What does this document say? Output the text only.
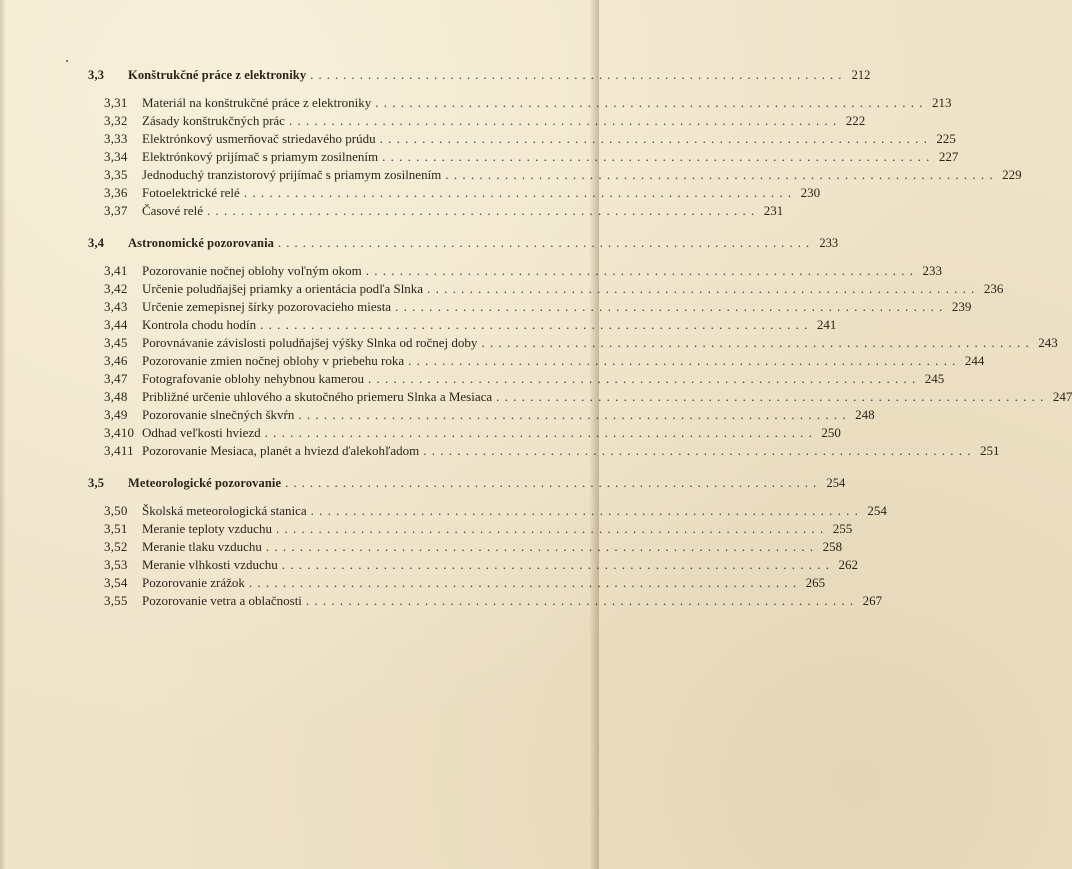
3,3	Konštrukčné práce z elektroniky . . .	212
3,31	Materiál na konštrukčné práce z elektroniky . . .	213
3,32	Zásady konštrukčných prác . . .	222
3,33	Elektrónkový usmerňovač striedavého prúdu . . .	225
3,34	Elektrónkový prijímač s priamym zosilnením . . .	227
3,35	Jednoduchý tranzistorový prijímač s priamym zosilnením . . .	229
3,36	Fotoelektrické relé . . .	230
3,37	Časové relé . . .	231
3,4	Astronomické pozorovania . . .	233
3,41	Pozorovanie nočnej oblohy voľným okom . . .	233
3,42	Určenie poludňajšej priamky a orientácia podľa Slnka . . .	236
3,43	Určenie zemepisnej šírky pozorovacieho miesta . . .	239
3,44	Kontrola chodu hodín . . .	241
3,45	Porovnávanie závislosti poludňajšej výšky Slnka od ročnej doby . . .	243
3,46	Pozorovanie zmien nočnej oblohy v priebehu roka . . .	244
3,47	Fotografovanie oblohy nehybnou kamerou . . .	245
3,48	Približné určenie uhlového a skutočného priemeru Slnka a Mesiaca . . .	247
3,49	Pozorovanie slnečných škvŕn . . .	248
3,410 Odhad veľkosti hviezd . . .	250
3,411 Pozorovanie Mesiaca, planét a hviezd ďalekohľadom . . .	251
3,5	Meteorologické pozorovanie . . .	254
3,50	Školská meteorologická stanica . . .	254
3,51	Meranie teploty vzduchu . . .	255
3,52	Meranie tlaku vzduchu . . .	258
3,53	Meranie vlhkosti vzduchu . . .	262
3,54	Pozorovanie zrážok . . .	265
3,55	Pozorovanie vetra a oblačnosti . . .	267
